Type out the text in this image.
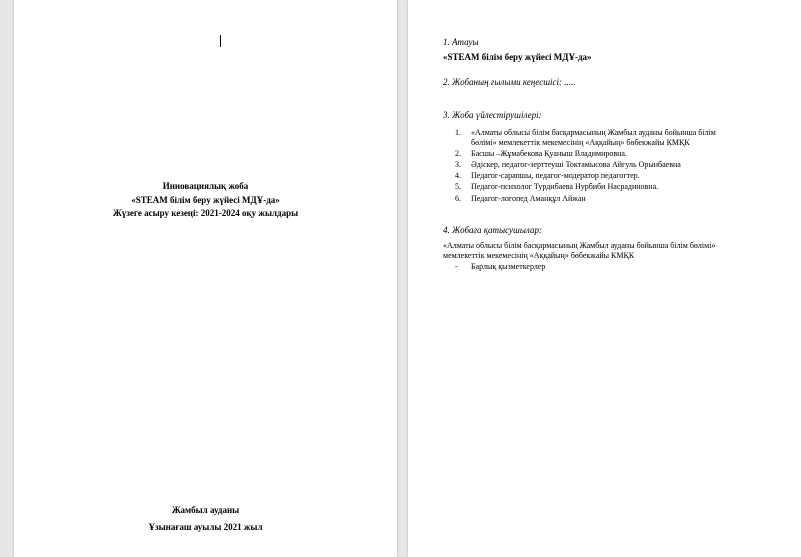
Инновациялық жоба
«STEAM білім беру жүйесі МДҰ-да»
Жүзеге асыру кезеңі: 2021-2024 оқу жылдары
Жамбыл ауданы
Ұзынағаш ауылы 2021 жыл
1. Атауы
«STEAM білім беру жүйесі МДҰ-да»
2. Жобаның ғылыми кеңесшісі: .....
3. Жоба үйлестірушілері:
1.	«Алматы облысы білім басқармасының Жамбыл ауданы бойынша білім
бөлімі» мемлекеттік мекемесінің «Аққайың» бөбекжайы КМҚК
2.	Басшы –Жұмабекова Қуаныш Владимировна.
3.	Әдіскер, педагог-зерттеуші Токтамысова Айгуль Орынбаевна
4.	Педагог-сарапшы, педагог-модератор педагогтер.
5.	Педагог-психолог Турдибаева Нурбиби Насрадиновна.
6.	Педагог-логопед Аманқұл Айжан
4. Жобаға қатысушылар:
«Алматы облысы білім басқармасының Жамбыл ауданы бойынша білім бөлімі»
мемлекеттік мекемесінің «Аққайың» бөбекжайы КМҚК
-	Барлық қызметкерлер
